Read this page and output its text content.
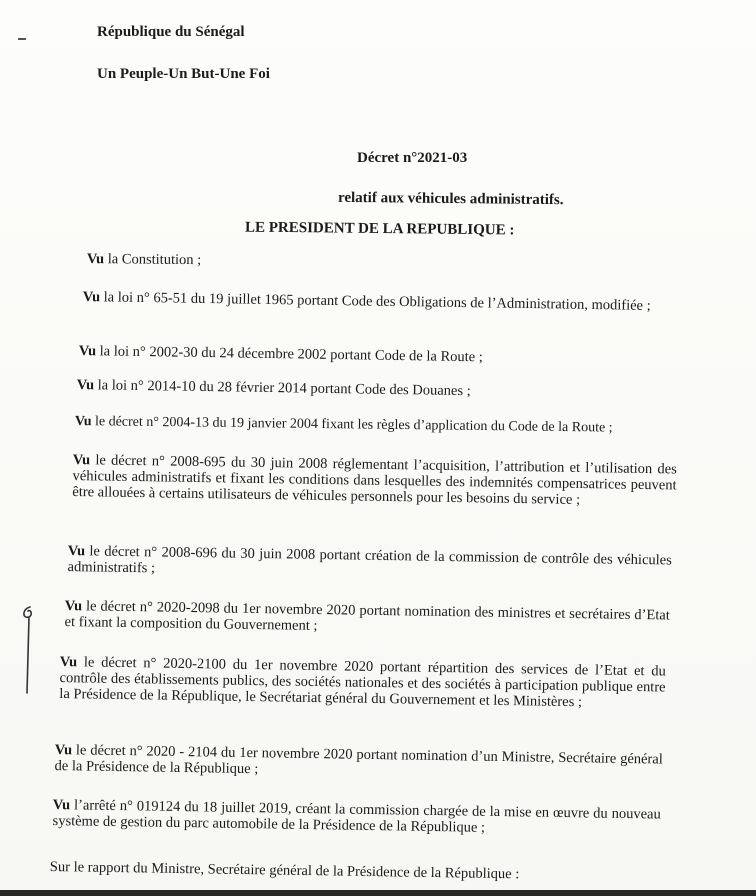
République du Sénégal
Un Peuple-Un But-Une Foi
Décret n°2021-03
relatif aux véhicules administratifs.
LE PRESIDENT DE LA REPUBLIQUE :
Vu la Constitution ;
Vu la loi n° 65-51 du 19 juillet 1965 portant Code des Obligations de l’Administration, modifiée ;
Vu la loi n° 2002-30 du 24 décembre 2002 portant Code de la Route ;
Vu la loi n° 2014-10 du 28 février 2014 portant Code des Douanes ;
Vu le décret n° 2004-13 du 19 janvier 2004 fixant les règles d’application du Code de la Route ;
Vu le décret n° 2008-695 du 30 juin 2008 réglementant l’acquisition, l’attribution et l’utilisation des véhicules administratifs et fixant les conditions dans lesquelles des indemnités compensatrices peuvent être allouées à certains utilisateurs de véhicules personnels pour les besoins du service ;
Vu le décret n° 2008-696 du 30 juin 2008 portant création de la commission de contrôle des véhicules administratifs ;
Vu le décret n° 2020-2098 du 1er novembre 2020 portant nomination des ministres et secrétaires d’Etat et fixant la composition du Gouvernement ;
Vu le décret n° 2020-2100 du 1er novembre 2020 portant répartition des services de l’Etat et du contrôle des établissements publics, des sociétés nationales et des sociétés à participation publique entre la Présidence de la République, le Secrétariat général du Gouvernement et les Ministères ;
Vu le décret n° 2020 - 2104 du 1er novembre 2020 portant nomination d’un Ministre, Secrétaire général de la Présidence de la République ;
Vu l’arrêté n° 019124 du 18 juillet 2019, créant la commission chargée de la mise en œuvre du nouveau système de gestion du parc automobile de la Présidence de la République ;
Sur le rapport du Ministre, Secrétaire général de la Présidence de la République :
